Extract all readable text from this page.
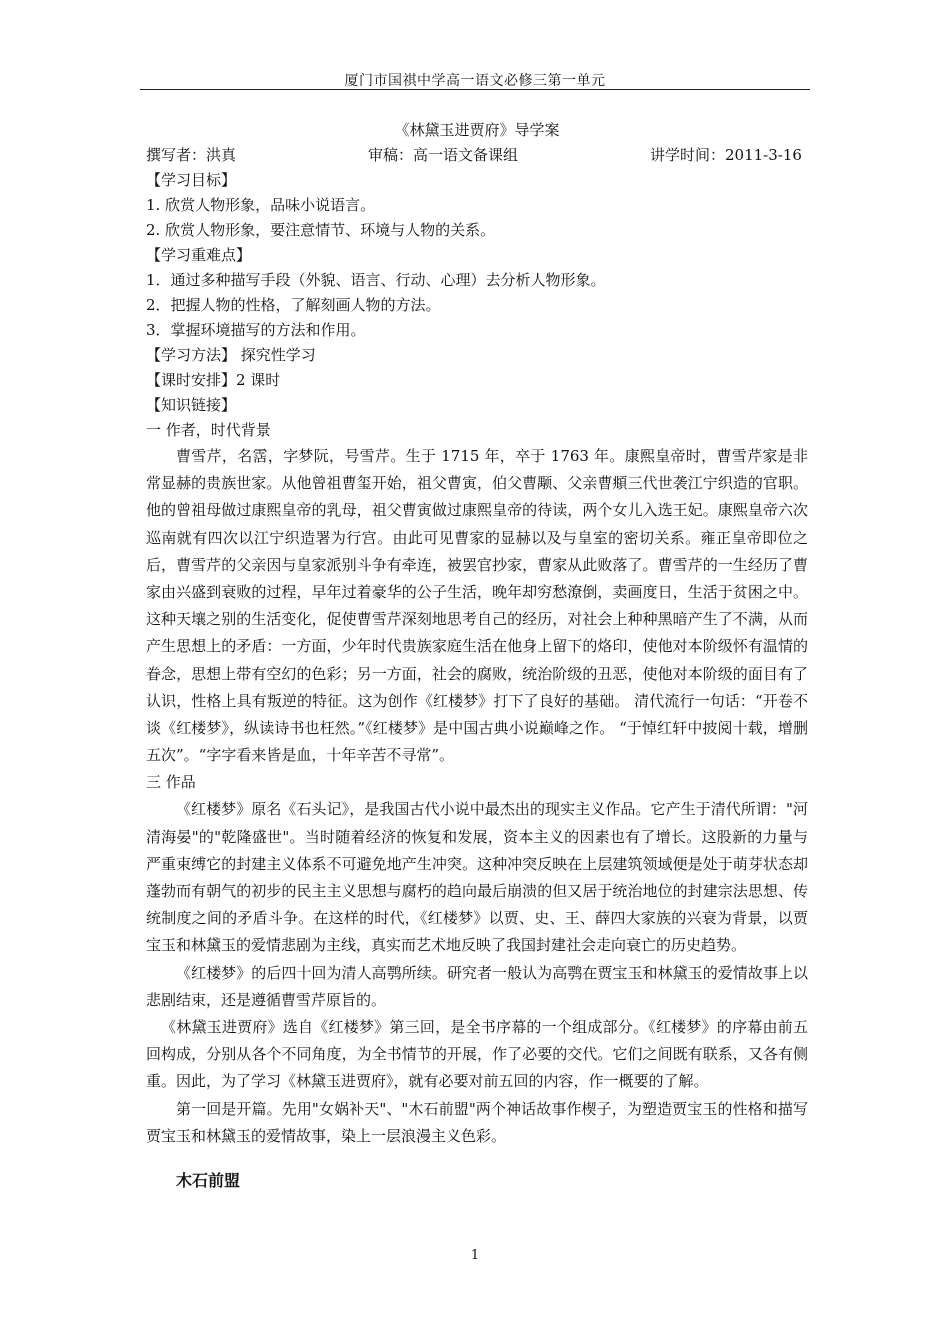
厦门市国祺中学高一语文必修三第一单元
《林黛玉进贾府》导学案
撰写者：洪真	审稿：高一语文备课组	讲学时间：2011-3-16
【学习目标】
1. 欣赏人物形象，品味小说语言。
2. 欣赏人物形象，要注意情节、环境与人物的关系。
【学习重难点】
1．通过多种描写手段（外貌、语言、行动、心理）去分析人物形象。
2．把握人物的性格，了解刻画人物的方法。
3．掌握环境描写的方法和作用。
【学习方法】 探究性学习
【课时安排】2 课时
【知识链接】
一 作者，时代背景

曹雪芹，名霑，字梦阮，号雪芹。生于 1715 年，卒于 1763 年。康熙皇帝时，曹雪芹家是非常显赫的贵族世家。从他曾祖曹玺开始，祖父曹寅，伯父曹颙、父亲曹頫三代世袭江宁织造的官职。他的曾祖母做过康熙皇帝的乳母，祖父曹寅做过康熙皇帝的待读，两个女儿入选王妃。康熙皇帝六次巡南就有四次以江宁织造署为行宫。由此可见曹家的显赫以及与皇室的密切关系。雍正皇帝即位之后，曹雪芹的父亲因与皇家派别斗争有牵连，被罢官抄家，曹家从此败落了。曹雪芹的一生经历了曹家由兴盛到衰败的过程，早年过着豪华的公子生活，晚年却穷愁潦倒，卖画度日，生活于贫困之中。这种天壤之别的生活变化，促使曹雪芹深刻地思考自己的经历，对社会上种种黑暗产生了不满，从而产生思想上的矛盾：一方面，少年时代贵族家庭生活在他身上留下的烙印，使他对本阶级怀有温情的眷念，思想上带有空幻的色彩；另一方面，社会的腐败，统治阶级的丑恶，使他对本阶级的面目有了认识，性格上具有叛逆的特征。这为创作《红楼梦》打下了良好的基础。 清代流行一句话：“开卷不谈《红楼梦》，纵读诗书也枉然。”《红楼梦》是中国古典小说巅峰之作。 “于悼红轩中披阅十载，增删五次”。“字字看来皆是血，十年辛苦不寻常”。

三 作品

《红楼梦》原名《石头记》，是我国古代小说中最杰出的现实主义作品。它产生于清代所谓："河清海晏"的"乾隆盛世"。当时随着经济的恢复和发展，资本主义的因素也有了增长。这股新的力量与严重束缚它的封建主义体系不可避免地产生冲突。这种冲突反映在上层建筑领域便是处于萌芽状态却蓬勃而有朝气的初步的民主主义思想与腐朽的趋向最后崩溃的但又居于统治地位的封建宗法思想、传统制度之间的矛盾斗争。在这样的时代，《红楼梦》以贾、史、王、薛四大家族的兴衰为背景，以贾宝玉和林黛玉的爱情悲剧为主线，真实而艺术地反映了我国封建社会走向衰亡的历史趋势。

《红楼梦》的后四十回为清人高鹗所续。研究者一般认为高鹗在贾宝玉和林黛玉的爱情故事上以悲剧结束，还是遵循曹雪芹原旨的。

《林黛玉进贾府》选自《红楼梦》第三回，是全书序幕的一个组成部分。《红楼梦》的序幕由前五回构成，分别从各个不同角度，为全书情节的开展，作了必要的交代。它们之间既有联系，又各有侧重。因此，为了学习《林黛玉进贾府》，就有必要对前五回的内容，作一概要的了解。

第一回是开篇。先用"女娲补天"、"木石前盟"两个神话故事作楔子，为塑造贾宝玉的性格和描写贾宝玉和林黛玉的爱情故事，染上一层浪漫主义色彩。

木石前盟
1
